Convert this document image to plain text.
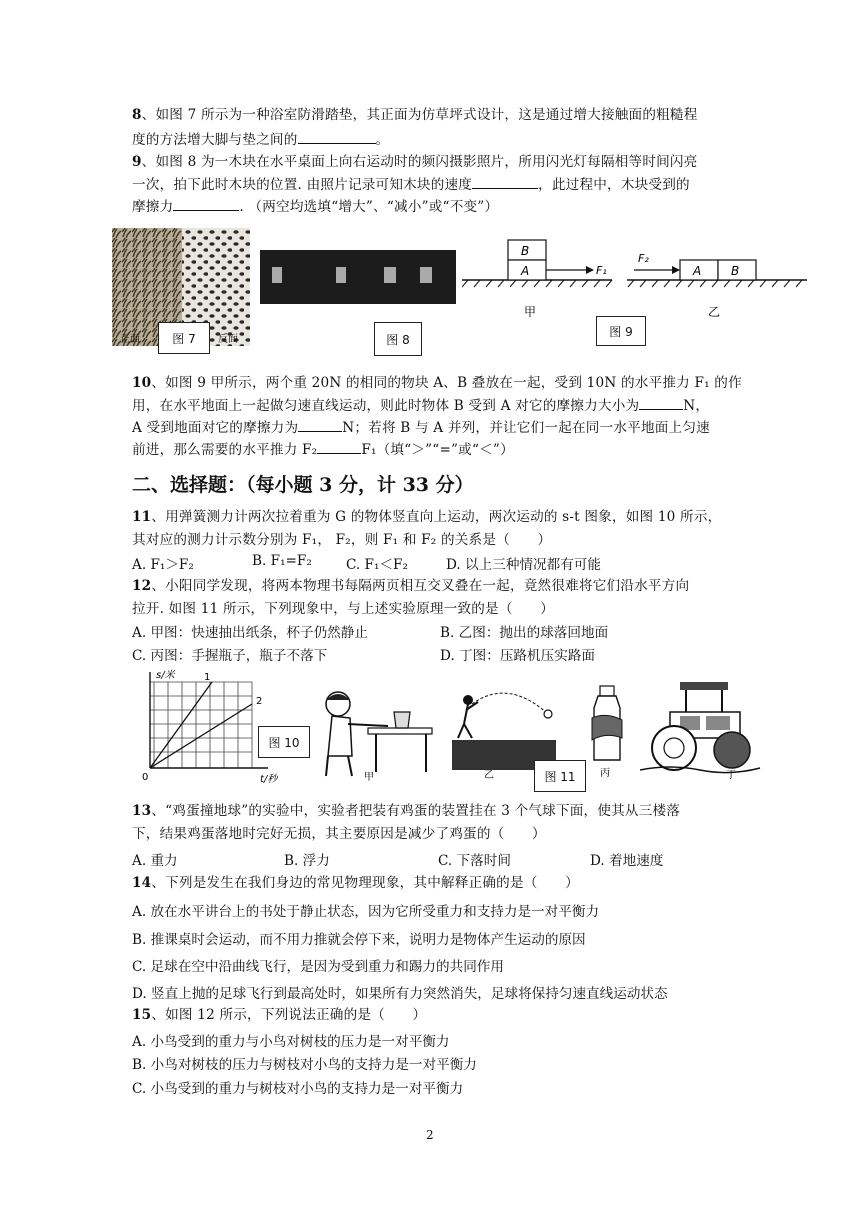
8、如图 7 所示为一种浴室防滑踏垫，其正面为仿草坪式设计，这是通过增大接触面的粗糙程
度的方法增大脚与垫之间的	。
9、如图 8 为一木块在水平桌面上向右运动时的频闪摄影照片，所用闪光灯每隔相等时间闪亮
一次，拍下此时木块的位置. 由照片记录可知木块的速度	，此过程中，木块受到的
摩擦力	. （两空均选填“增大”、“减小”或“不变”）
正面	反面
图 7	图 8
B
A	F₁
甲
F₂
A B
乙
图 9
10、如图 9 甲所示，两个重 20N 的相同的物块 A、B 叠放在一起，受到 10N 的水平推力 F₁ 的作
用，在水平地面上一起做匀速直线运动，则此时物体 B 受到 A 对它的摩擦力大小为	N，
A 受到地面对它的摩擦力为	N；若将 B 与 A 并列，并让它们一起在同一水平地面上匀速
前进，那么需要的水平推力 F₂	F₁（填“＞”“=”或“＜”）
二、选择题：（每小题 3 分，计 33 分）
11、用弹簧测力计两次拉着重为 G 的物体竖直向上运动，两次运动的 s-t 图象，如图 10 所示，
其对应的测力计示数分别为 F₁， F₂，则 F₁ 和 F₂ 的关系是（　　）
A. F₁＞F₂	B. F₁=F₂	C. F₁＜F₂	D. 以上三种情况都有可能
12、小阳同学发现，将两本物理书每隔两页相互交叉叠在一起，竟然很难将它们沿水平方向
拉开. 如图 11 所示，下列现象中，与上述实验原理一致的是（　　）
A. 甲图：快速抽出纸条，杯子仍然静止	B. 乙图：抛出的球落回地面
C. 丙图：手握瓶子，瓶子不落下	D. 丁图：压路机压实路面
s/米
t/秒
0
1
2
图 10
甲	乙	图 11	丙	丁
13、“鸡蛋撞地球”的实验中，实验者把装有鸡蛋的装置挂在 3 个气球下面，使其从三楼落
下，结果鸡蛋落地时完好无损，其主要原因是减少了鸡蛋的（　　）
A. 重力	B. 浮力	C. 下落时间	D. 着地速度
14、下列是发生在我们身边的常见物理现象，其中解释正确的是（　　）
A. 放在水平讲台上的书处于静止状态，因为它所受重力和支持力是一对平衡力
B. 推课桌时会运动，而不用力推就会停下来，说明力是物体产生运动的原因
C. 足球在空中沿曲线飞行，是因为受到重力和踢力的共同作用
D. 竖直上抛的足球飞行到最高处时，如果所有力突然消失，足球将保持匀速直线运动状态
15、如图 12 所示，下列说法正确的是（　　）
A. 小鸟受到的重力与小鸟对树枝的压力是一对平衡力
B. 小鸟对树枝的压力与树枝对小鸟的支持力是一对平衡力
C. 小鸟受到的重力与树枝对小鸟的支持力是一对平衡力
2
